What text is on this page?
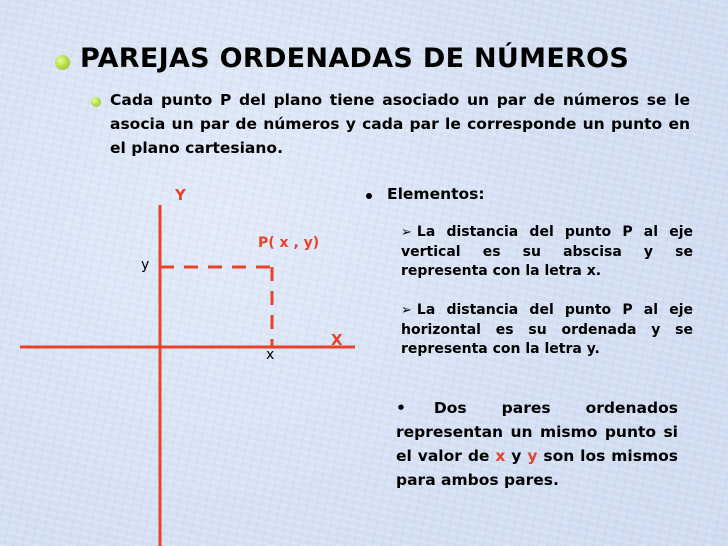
PAREJAS ORDENADAS DE NÚMEROS
Cada punto P del plano tiene asociado un par de números se le asocia un par de números y cada par le corresponde un punto en el plano cartesiano.
Y
X
P( x , y)
y
x
Elementos:
➢ La distancia del punto P al eje vertical es su abscisa y se representa con la letra x.
➢ La distancia del punto P al eje horizontal es su ordenada y se representa con la letra y.
• Dos pares ordenados representan un mismo punto si el valor de x y y son los mismos para ambos pares.
